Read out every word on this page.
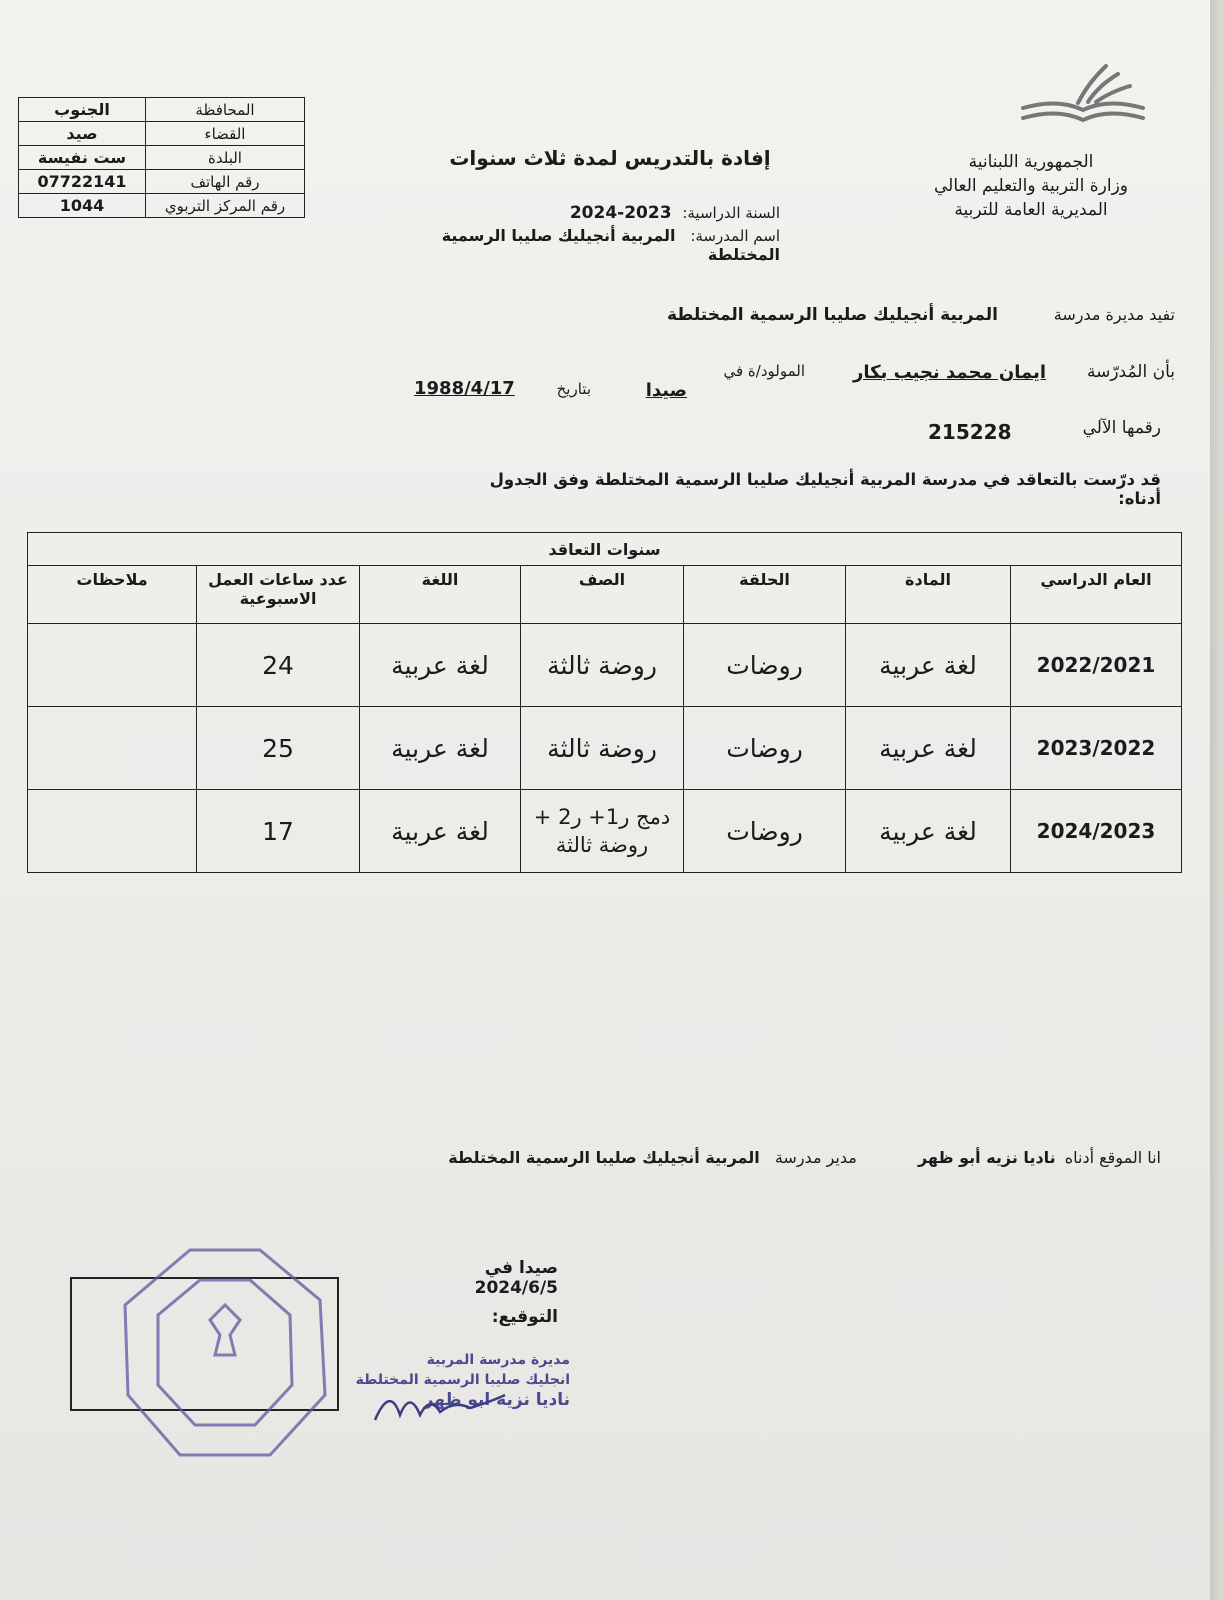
المحافظة	الجنوب
القضاء	صيد
البلدة	ست نفيسة
رقم الهاتف	07722141
رقم المركز التربوي	1044
الجمهورية اللبنانية
وزارة التربية والتعليم العالي
المديرية العامة للتربية
إفادة بالتدريس لمدة ثلاث سنوات
السنة الدراسية: 2023-2024
اسم المدرسة: المربية أنجيليك صليبا الرسمية المختلطة
تفيد مديرة مدرسة
المربية أنجيليك صليبا الرسمية المختلطة
بأن المُدرّسة
ايمان محمد نجيب بكار
المولود/ة في
صيدا
بتاريخ
1988/4/17
رقمها الآلي
215228
قد درّست بالتعاقد في مدرسة المربية أنجيليك صليبا الرسمية المختلطة وفق الجدول أدناه:
سنوات التعاقد						
العام الدراسي	المادة	الحلقة	الصف	اللغة	عدد ساعات العمل الاسبوعية	ملاحظات
2022/2021	لغة عربية	روضات	روضة ثالثة	لغة عربية	24	
2023/2022	لغة عربية	روضات	روضة ثالثة	لغة عربية	25	
2024/2023	لغة عربية	روضات	دمج ر1+ ر2 + روضة ثالثة	لغة عربية	17	
انا الموقع أدناه ناديا نزيه أبو ظهر مدير مدرسة المربية أنجيليك صليبا الرسمية المختلطة
صيدا في 2024/6/5
التوقيع:
مديرة مدرسة المربية
انجليك صليبا الرسمية المختلطة
ناديا نزيه ابو ظهر
